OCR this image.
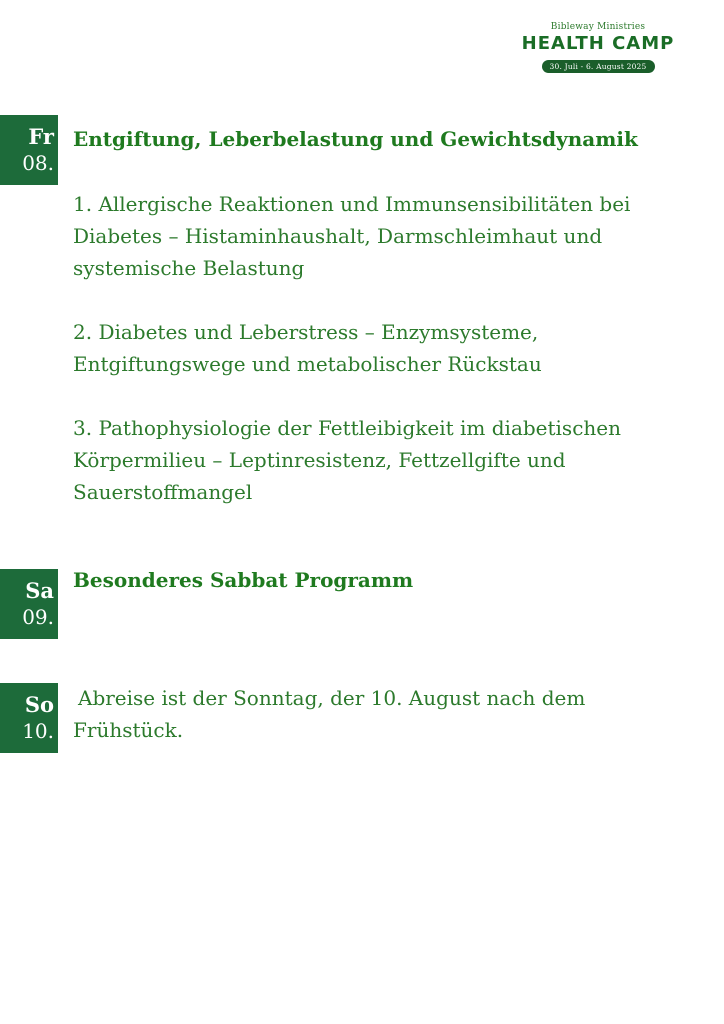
Bibleway Ministries
HEALTH CAMP
30. Juli - 6. August 2025
Fr
08.
Entgiftung, Leberbelastung und Gewichtsdynamik

1. Allergische Reaktionen und Immunsensibilitäten bei Diabetes – Histaminhaushalt, Darmschleimhaut und systemische Belastung

2. Diabetes und Leberstress – Enzymsysteme, Entgiftungswege und metabolischer Rückstau

3. Pathophysiologie der Fettleibigkeit im diabetischen Körpermilieu – Leptinresistenz, Fettzellgifte und Sauerstoffmangel

Sa
09.
Besonderes Sabbat Programm
So
10.

Abreise ist der Sonntag, der 10. August nach dem Frühstück.
